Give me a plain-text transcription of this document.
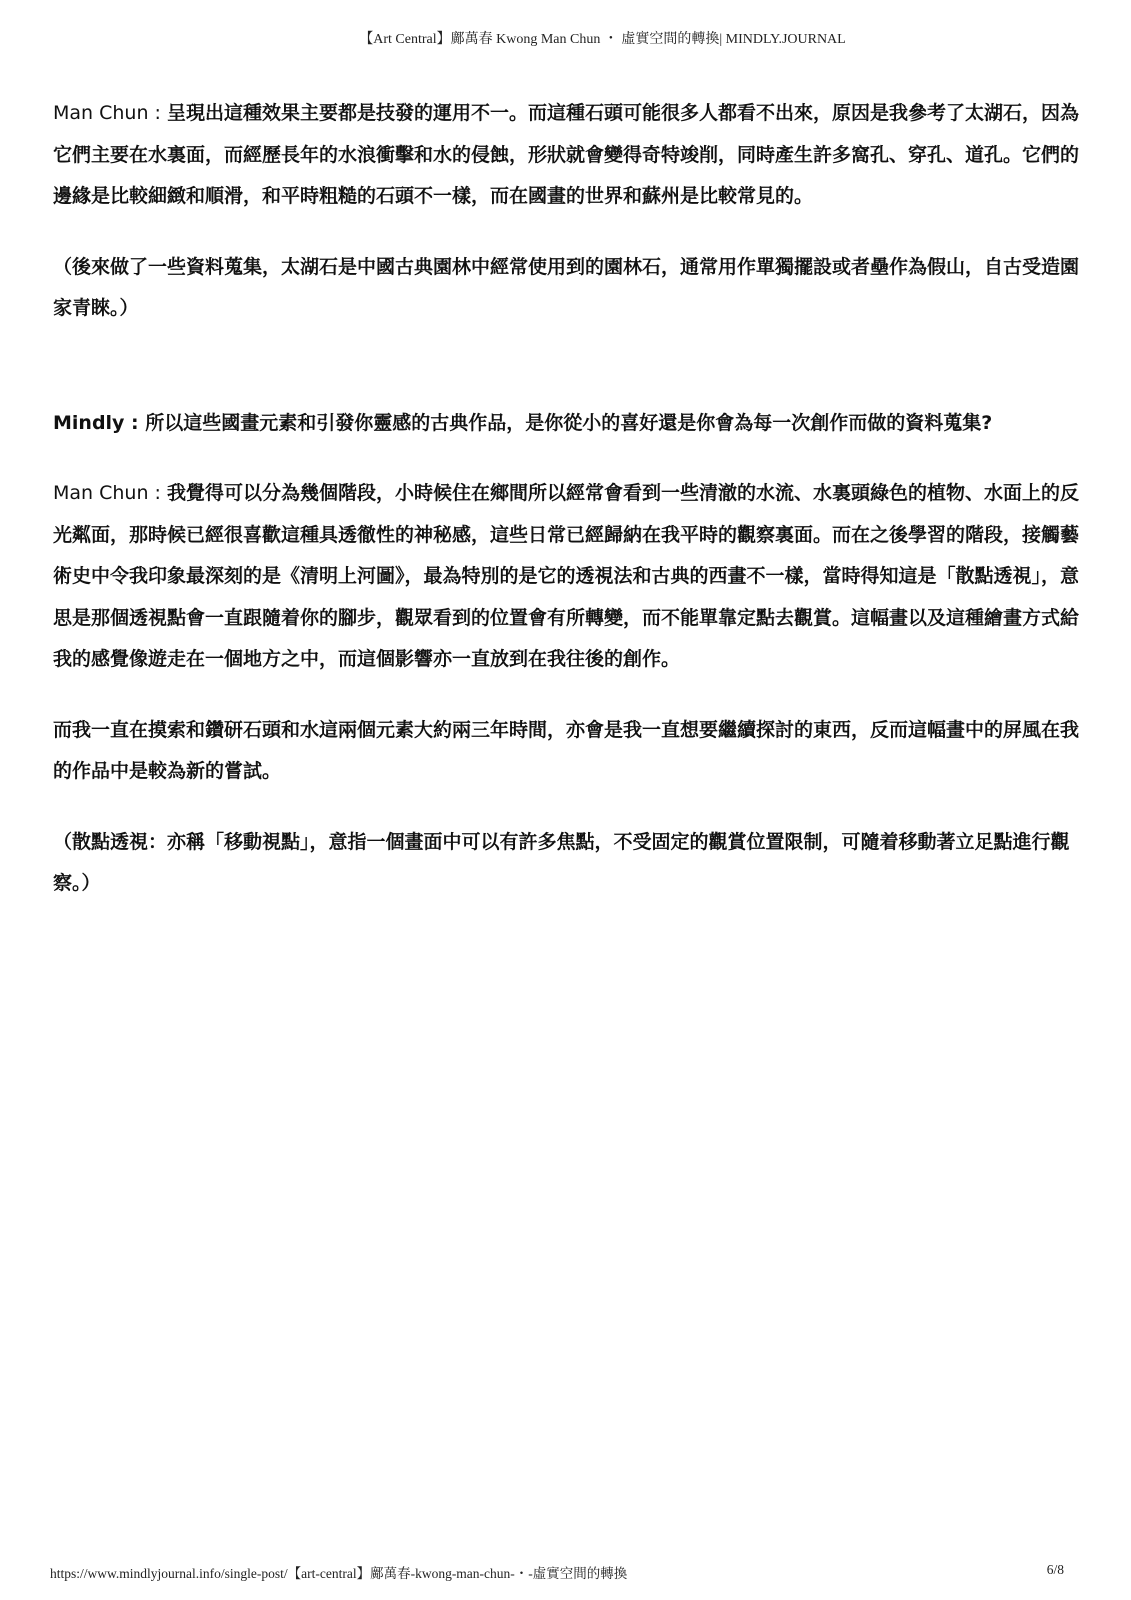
【Art Central】鄺萬春 Kwong Man Chun ・ 虛實空間的轉換| MINDLY.JOURNAL

Man Chun : 呈現出這種效果主要都是技發的運用不一。而這種石頭可能很多人都看不出來，原因是我參考了太湖石，因為它們主要在水裏面，而經歷長年的水浪衝擊和水的侵蝕，形狀就會變得奇特竣削，同時產生許多窩孔、穿孔、道孔。它們的邊緣是比較細緻和順滑，和平時粗糙的石頭不一樣，而在國畫的世界和蘇州是比較常見的。

（後來做了一些資料蒐集，太湖石是中國古典園林中經常使用到的園林石，通常用作單獨擺設或者壘作為假山，自古受造園家青睞。）

Mindly : 所以這些國畫元素和引發你靈感的古典作品，是你從小的喜好還是你會為每一次創作而做的資料蒐集?

Man Chun : 我覺得可以分為幾個階段，小時候住在鄉間所以經常會看到一些清澈的水流、水裏頭綠色的植物、水面上的反光粼面，那時候已經很喜歡這種具透徹性的神秘感，這些日常已經歸納在我平時的觀察裏面。而在之後學習的階段，接觸藝術史中令我印象最深刻的是《清明上河圖》，最為特別的是它的透視法和古典的西畫不一樣，當時得知這是「散點透視」，意思是那個透視點會一直跟隨着你的腳步，觀眾看到的位置會有所轉變，而不能單靠定點去觀賞。這幅畫以及這種繪畫方式給我的感覺像遊走在一個地方之中，而這個影響亦一直放到在我往後的創作。

而我一直在摸索和鑽研石頭和水這兩個元素大約兩三年時間，亦會是我一直想要繼續探討的東西，反而這幅畫中的屏風在我的作品中是較為新的嘗試。

（散點透視：亦稱「移動視點」，意指一個畫面中可以有許多焦點，不受固定的觀賞位置限制，可隨着移動著立足點進行觀察。）

https://www.mindlyjournal.info/single-post/【art-central】鄺萬春-kwong-man-chun-・-虛實空間的轉換	6/8
